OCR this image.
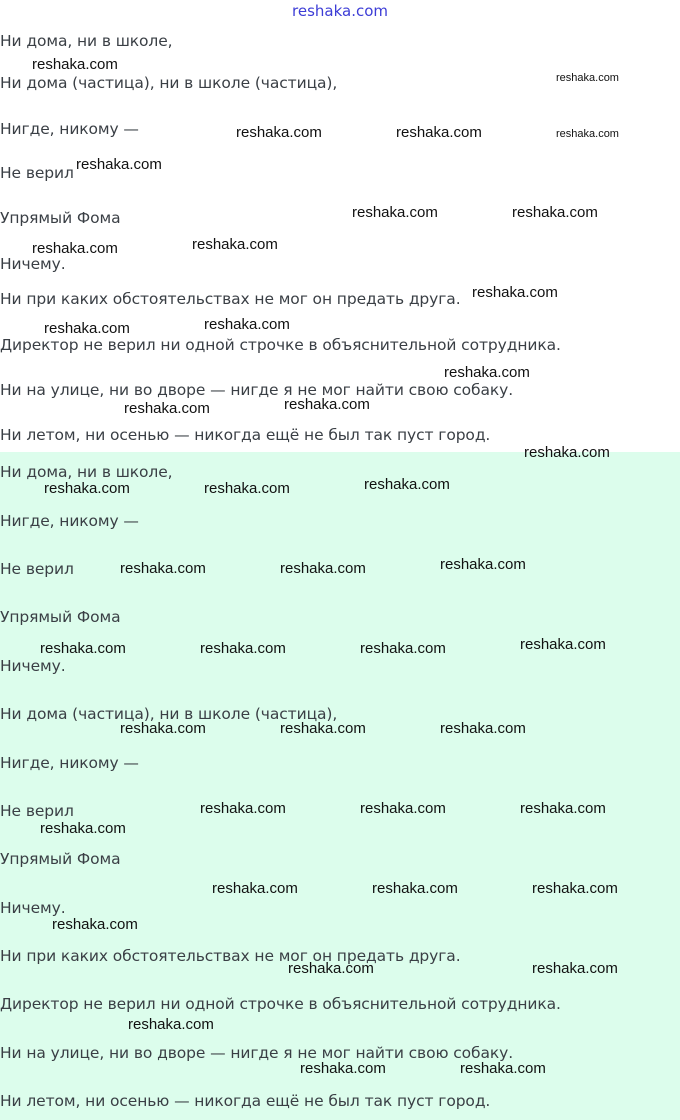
reshaka.com
Ни дома, ни в школе,
Ни дома (частица), ни в школе (частица),
Нигде, никому —
Не верил
Упрямый Фома
Ничему.
Ни при каких обстоятельствах не мог он предать друга.
Директор не верил ни одной строчке в объяснительной сотрудника.
Ни на улице, ни во дворе — нигде я не мог найти свою собаку.
Ни летом, ни осенью — никогда ещё не был так пуст город.
Ни дома, ни в школе,
Нигде, никому —
Не верил
Упрямый Фома
Ничему.
Ни дома (частица), ни в школе (частица),
Нигде, никому —
Не верил
Упрямый Фома
Ничему.
Ни при каких обстоятельствах не мог он предать друга.
Директор не верил ни одной строчке в объяснительной сотрудника.
Ни на улице, ни во дворе — нигде я не мог найти свою собаку.
Ни летом, ни осенью — никогда ещё не был так пуст город.
reshaka.com
reshaka.com
reshaka.com	reshaka.com	reshaka.com
reshaka.com
reshaka.com	reshaka.com
reshaka.com
reshaka.com
reshaka.com
reshaka.com
reshaka.com
reshaka.com
reshaka.com
reshaka.com
reshaka.com
reshaka.com
reshaka.com	reshaka.com
reshaka.com
reshaka.com	reshaka.com
reshaka.com
reshaka.com	reshaka.com	reshaka.com
reshaka.com	reshaka.com	reshaka.com
reshaka.com	reshaka.com	reshaka.com
reshaka.com
reshaka.com	reshaka.com	reshaka.com
reshaka.com
reshaka.com	reshaka.com
reshaka.com
reshaka.com	reshaka.com
